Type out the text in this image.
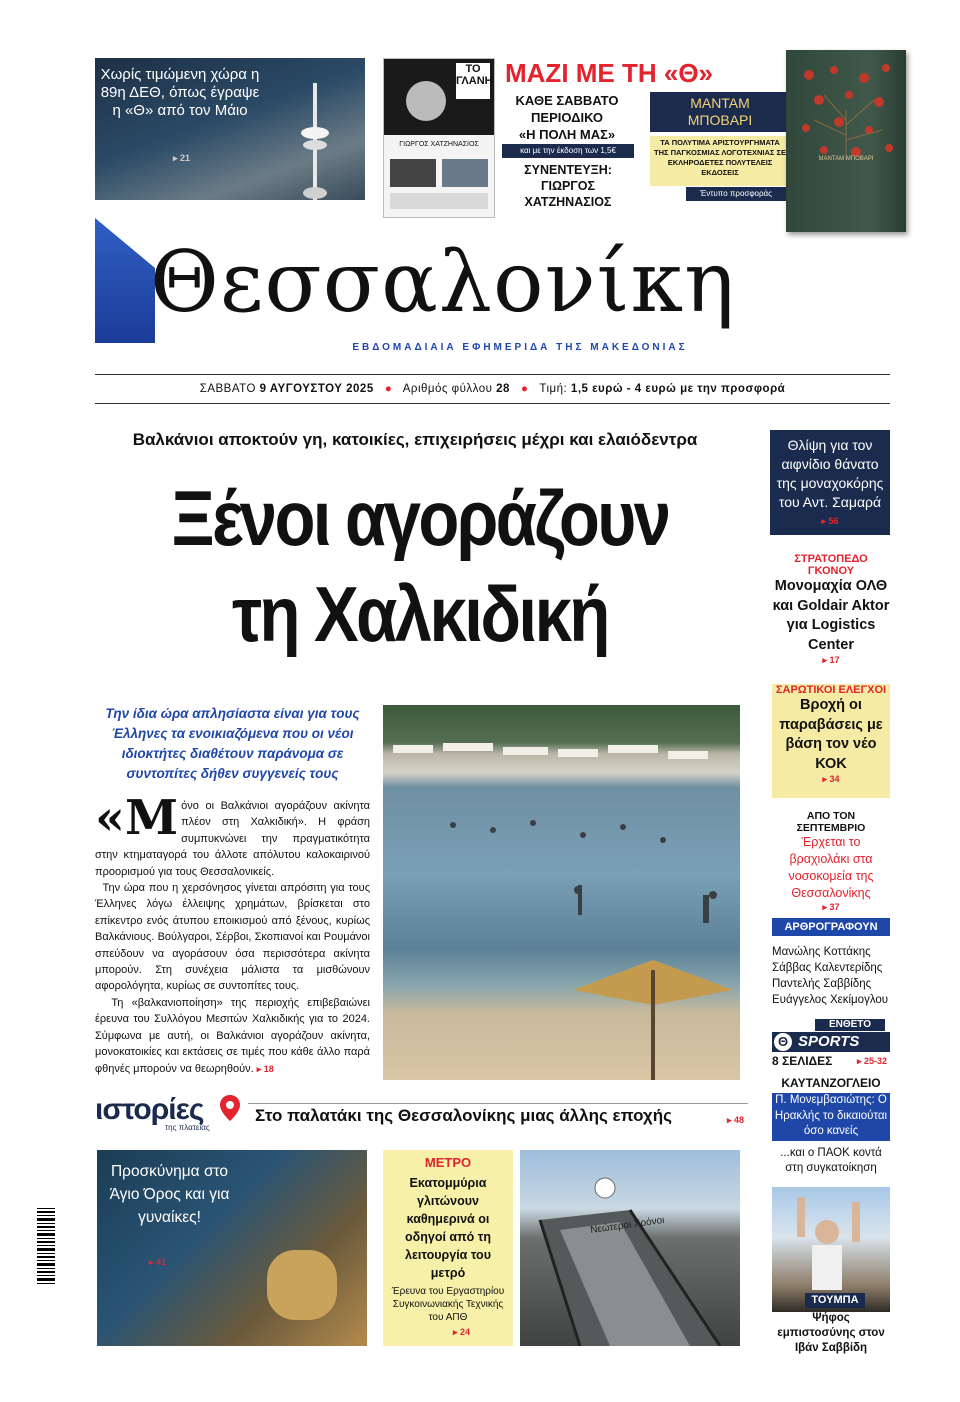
Χωρίς τιμώμενη χώρα η 89η ΔΕΘ, όπως έγραψε η «Θ» από τον Μάιο
▸ 21
ΤΟ ΓΛΑΝΗ
ΓΙΩΡΓΟΣ ΧΑΤΖΗΝΑΣΙΟΣ
ΜΑΖΙ ΜΕ ΤΗ «Θ»
ΚΑΘΕ ΣΑΒΒΑΤΟ
ΠΕΡΙΟΔΙΚΟ
«Η ΠΟΛΗ ΜΑΣ»
και με την έκδοση των 1,5€
ΣΥΝΕΝΤΕΥΞΗ: ΓΙΩΡΓΟΣ ΧΑΤΖΗΝΑΣΙΟΣ
ΜΑΝΤΑΜ ΜΠΟΒΑΡΙ
ΤΑ ΠΟΛΥΤΙΜΑ ΑΡΙΣΤΟΥΡΓΗΜΑΤΑ ΤΗΣ ΠΑΓΚΟΣΜΙΑΣ ΛΟΓΟΤΕΧΝΙΑΣ ΣΕ ΕΚΛΗΡΟΔΕΤΕΣ ΠΟΛΥΤΕΛΕΙΣ ΕΚΔΟΣΕΙΣ
Έντυπο προσφοράς
ΜΑΝΤΑΜ ΜΠΟΒΑΡΙ
Θεσσαλονίκη
ΕΒΔΟΜΑΔΙΑΙΑ ΕΦΗΜΕΡΙΔΑ ΤΗΣ ΜΑΚΕΔΟΝΙΑΣ
ΣΑΒΒΑΤΟ 9 ΑΥΓΟΥΣΤΟΥ 2025 ● Αριθμός φύλλου 28 ● Τιμή: 1,5 ευρώ - 4 ευρώ με την προσφορά
Βαλκάνιοι αποκτούν γη, κατοικίες, επιχειρήσεις μέχρι και ελαιόδεντρα
Ξένοι αγοράζουν
τη Χαλκιδική
Την ίδια ώρα απλησίαστα είναι για τους Έλληνες τα ενοικιαζόμενα που οι νέοι ιδιοκτήτες διαθέτουν παράνομα σε συντοπίτες δήθεν συγγενείς τους
«Μ όνο οι Βαλκάνιοι αγοράζουν ακίνητα πλέον στη Χαλκιδική». Η φράση συμπυκνώνει την πραγματικότητα στην κτηματαγορά του άλλοτε απόλυτου καλοκαιρινού προορισμού για τους Θεσσαλονικείς.
Την ώρα που η χερσόνησος γίνεται απρόσιτη για τους Έλληνες λόγω έλλειψης χρημάτων, βρίσκεται στο επίκεντρο ενός άτυπου εποικισμού από ξένους, κυρίως Βαλκάνιους. Βούλγαροι, Σέρβοι, Σκοπιανοί και Ρουμάνοι σπεύδουν να αγοράσουν όσα περισσότερα ακίνητα μπορούν. Στη συνέχεια μάλιστα τα μισθώνουν αφορολόγητα, κυρίως σε συντοπίτες τους.
Τη «βαλκανιοποίηση» της περιοχής επιβεβαιώνει έρευνα του Συλλόγου Μεσιτών Χαλκιδικής για το 2024. Σύμφωνα με αυτή, οι Βαλκάνιοι αγοράζουν ακίνητα, μονοκατοικίες και εκτάσεις σε τιμές που κάθε άλλο παρά φθηνές μπορούν να θεωρηθούν. ▸ 18
Θλίψη για τον αιφνίδιο θάνατο της μοναχοκόρης του Αντ. Σαμαρά
▸ 56
ΣΤΡΑΤΟΠΕΔΟ ΓΚΟΝΟΥ
Μονομαχία ΟΛΘ και Goldair Aktor για Logistics Center
▸ 17
ΣΑΡΩΤΙΚΟΙ ΕΛΕΓΧΟΙ
Βροχή οι παραβάσεις με βάση τον νέο ΚΟΚ
▸ 34
ΑΠΟ ΤΟΝ ΣΕΠΤΕΜΒΡΙΟ
Έρχεται το βραχιολάκι στα νοσοκομεία της Θεσσαλονίκης
▸ 37
ΑΡΘΡΟΓΡΑΦΟΥΝ
Μανώλης Κοττάκης
Σάββας Καλεντερίδης
Παντελής Σαββίδης
Ευάγγελος Χεκίμογλου
ΕΝΘΕΤΟ
Θ SPORTS
8 ΣΕΛΙΔΕΣ	▸ 25-32
ΚΑΥΤΑΝΖΟΓΛΕΙΟ
Π. Μονεμβασιώτης: Ο Ηρακλής το δικαιούται όσο κανείς
...και ο ΠΑΟΚ κοντά στη συγκατοίκηση
ΤΟΥΜΠΑ
Ψήφος εμπιστοσύνης στον Ιβάν Σαββίδη
ιστορίες
της πλατείας
Στο παλατάκι της Θεσσαλονίκης μιας άλλης εποχής	▸ 48
Προσκύνημα στο Άγιο Όρος και για γυναίκες!
▸ 41
ΜΕΤΡΟ
Εκατομμύρια γλιτώνουν καθημερινά οι οδηγοί από τη λειτουργία του μετρό
Έρευνα του Εργαστηρίου Συγκοινωνιακής Τεχνικής του ΑΠΘ
▸ 24
Νεώτεροι Χρόνοι
